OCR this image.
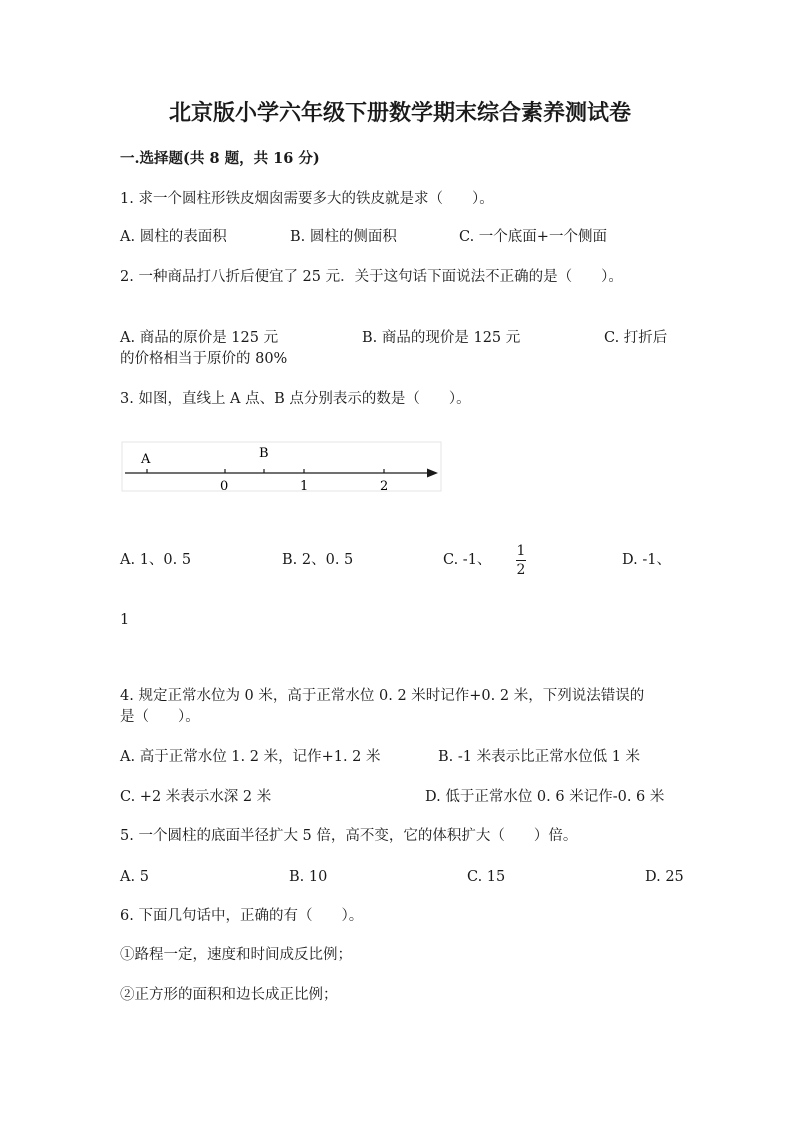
北京版小学六年级下册数学期末综合素养测试卷
一.选择题(共 8 题，共 16 分)
1. 求一个圆柱形铁皮烟囱需要多大的铁皮就是求（　　）。
A. 圆柱的表面积	B. 圆柱的侧面积	C. 一个底面+一个侧面
2. 一种商品打八折后便宜了 25 元．关于这句话下面说法不正确的是（　　）。
A. 商品的原价是 125 元	B. 商品的现价是 125 元	C. 打折后
的价格相当于原价的 80%
3. 如图，直线上 A 点、B 点分别表示的数是（　　）。
A	B
0	1	2
A. 1、0. 5	B. 2、0. 5	C. -1、
1
2
D. -1、
1
4. 规定正常水位为 0 米，高于正常水位 0. 2 米时记作+0. 2 米，下列说法错误的
是（　　）。
A. 高于正常水位 1. 2 米，记作+1. 2 米	B. -1 米表示比正常水位低 1 米
C. +2 米表示水深 2 米	D. 低于正常水位 0. 6 米记作-0. 6 米
5. 一个圆柱的底面半径扩大 5 倍，高不变，它的体积扩大（　　）倍。
A. 5	B. 10	C. 15	D. 25
6. 下面几句话中，正确的有（　　）。
①路程一定，速度和时间成反比例；
②正方形的面积和边长成正比例；
